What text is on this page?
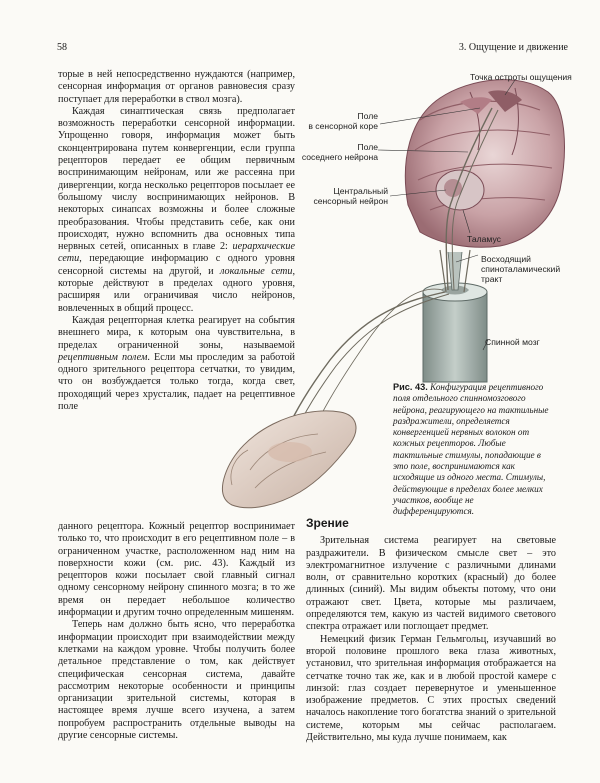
58	3. Ощущение и движение

торые в ней непосредственно нуждаются (например, сенсорная информация от органов равновесия сразу поступает для переработки в ствол мозга).

Каждая синаптическая связь предполагает возможность переработки сенсорной информации. Упрощенно говоря, информация может быть сконцентрирована путем конвергенции, если группа рецепторов передает ее общим первичным воспринимающим нейронам, или же рассеяна при дивергенции, когда несколько рецепторов посылает ее большому числу воспринимающих нейронов. В некоторых синапсах возможны и более сложные преобразования. Чтобы представить себе, как они происходят, нужно вспомнить два основных типа нервных сетей, описанных в главе 2: иерархические сети, передающие информацию с одного уровня сенсорной системы на другой, и локальные сети, которые действуют в пределах одного уровня, расширяя или ограничивая число нейронов, вовлеченных в общий процесс.

Каждая рецепторная клетка реагирует на события внешнего мира, к которым она чувствительна, в пределах ограниченной зоны, называемой рецептивным полем. Если мы проследим за работой одного зрительного рецептора сетчатки, то увидим, что он возбуждается только тогда, когда свет, проходящий через хрусталик, падает на рецептивное поле

Точка остроты ощущения
Поле
в сенсорной коре
Поле
соседнего нейрона
Центральный
сенсорный нейрон
Таламус
Восходящий
спиноталамический
тракт
Спинной мозг
Рис. 43. Конфигурация рецептивного поля отдельного спинномозгового нейрона, реагирующего на тактильные раздражители, определяется конвергенцией нервных волокон от кожных рецепторов. Любые тактильные стимулы, попадающие в это поле, воспринимаются как исходящие из одного места. Стимулы, действующие в пределах более мелких участков, вообще не дифференцируются.

данного рецептора. Кожный рецептор воспринимает только то, что происходит в его рецептивном поле – в ограниченном участке, расположенном над ним на поверхности кожи (см. рис. 43). Каждый из рецепторов кожи посылает свой главный сигнал одному сенсорному нейрону спинного мозга; в то же время он передает небольшое количество информации и другим точно определенным мишеням.

Теперь нам должно быть ясно, что переработка информации происходит при взаимодействии между клетками на каждом уровне. Чтобы получить более детальное представление о том, как действует специфическая сенсорная система, давайте рассмотрим некоторые особенности и принципы организации зрительной системы, которая в настоящее время лучше всего изучена, а затем попробуем распространить отдельные выводы на другие сенсорные системы.

Зрение

Зрительная система реагирует на световые раздражители. В физическом смысле свет – это электромагнитное излучение с различными длинами волн, от сравнительно коротких (красный) до более длинных (синий). Мы видим объекты потому, что они отражают свет. Цвета, которые мы различаем, определяются тем, какую из частей видимого светового спектра отражает или поглощает предмет.

Немецкий физик Герман Гельмгольц, изучавший во второй половине прошлого века глаза животных, установил, что зрительная информация отображается на сетчатке точно так же, как и в любой простой камере с линзой: глаз создает перевернутое и уменьшенное изображение предметов. С этих простых сведений началось накопление того богатства знаний о зрительной системе, которым мы сейчас располагаем. Действительно, мы куда лучше понимаем, как
